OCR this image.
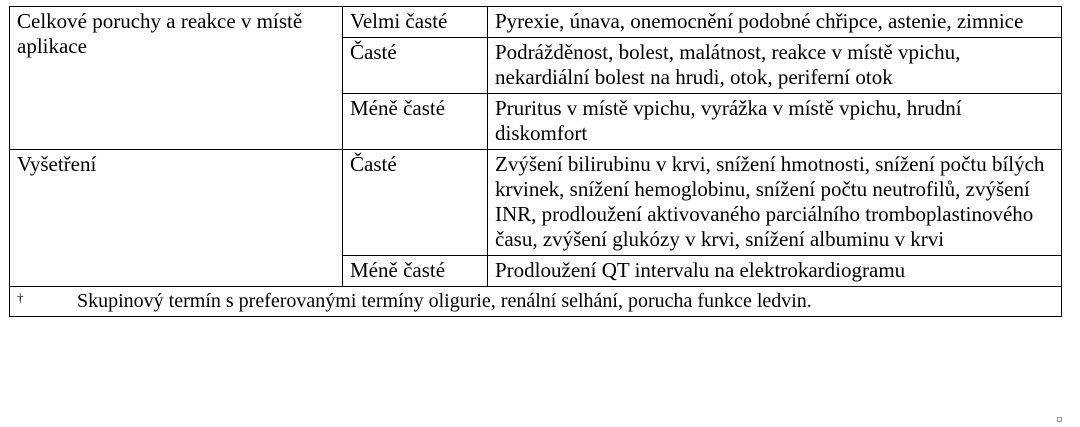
Celkové poruchy a reakce v místě aplikace	Velmi časté	Pyrexie, únava, onemocnění podobné chřipce, astenie, zimnice
	Časté	Podrážděnost, bolest, malátnost, reakce v místě vpichu, nekardiální bolest na hrudi, otok, periferní otok
	Méně časté	Pruritus v místě vpichu, vyrážka v místě vpichu, hrudní diskomfort
Vyšetření	Časté	Zvýšení bilirubinu v krvi, snížení hmotnosti, snížení počtu bílých krvinek, snížení hemoglobinu, snížení počtu neutrofilů, zvýšení INR, prodloužení aktivovaného parciálního tromboplastinového času, zvýšení glukózy v krvi, snížení albuminu v krvi
	Méně časté	Prodloužení QT intervalu na elektrokardiogramu
† Skupinový termín s preferovanými termíny oligurie, renální selhání, porucha funkce ledvin.		
